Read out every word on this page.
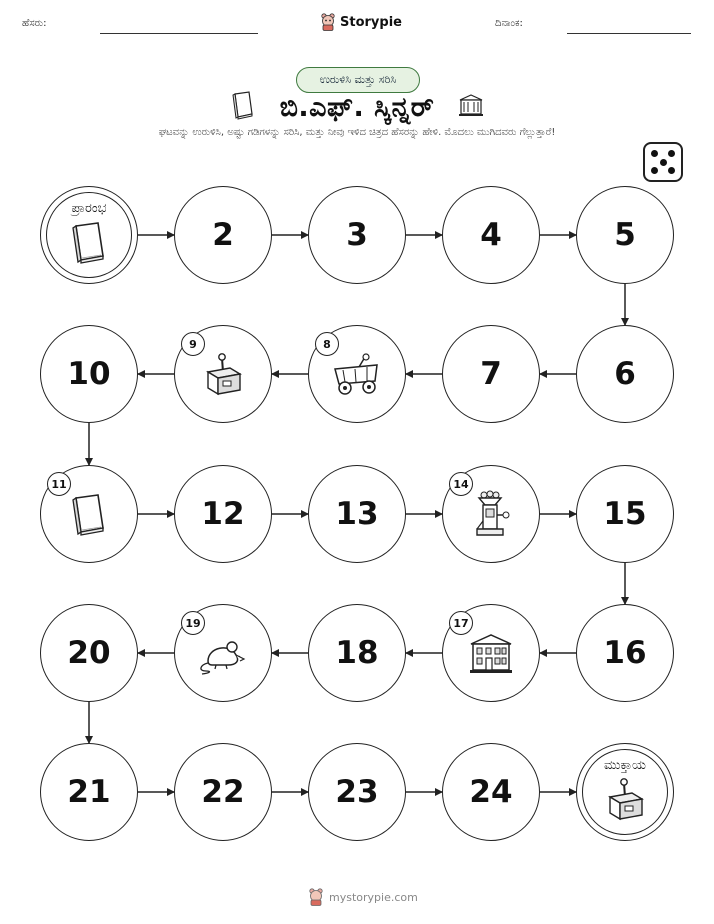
ಹೆಸರು:	Storypie	ದಿನಾಂಕ:
ಉರುಳಿಸಿ ಮತ್ತು ಸರಿಸಿ
ಬಿ.ಎಫ್. ಸ್ಕಿನ್ನರ್
ಘಟವನ್ನು ಉರುಳಿಸಿ, ಅಷ್ಟು ಗಡಿಗಳನ್ನು ಸರಿಸಿ, ಮತ್ತು ನೀವು ಇಳಿದ ಚಿತ್ರದ ಹೆಸರನ್ನು ಹೇಳಿ. ಮೊದಲು ಮುಗಿದವರು ಗೆಲ್ಲುತ್ತಾರೆ!
ಪ್ರಾರಂಭ
2	3	4	5
10
9	8
7	6
11
12	13
14
15
20
19
18
17
16
21	22	23	24
ಮುಕ್ತಾಯ
mystorypie.com
